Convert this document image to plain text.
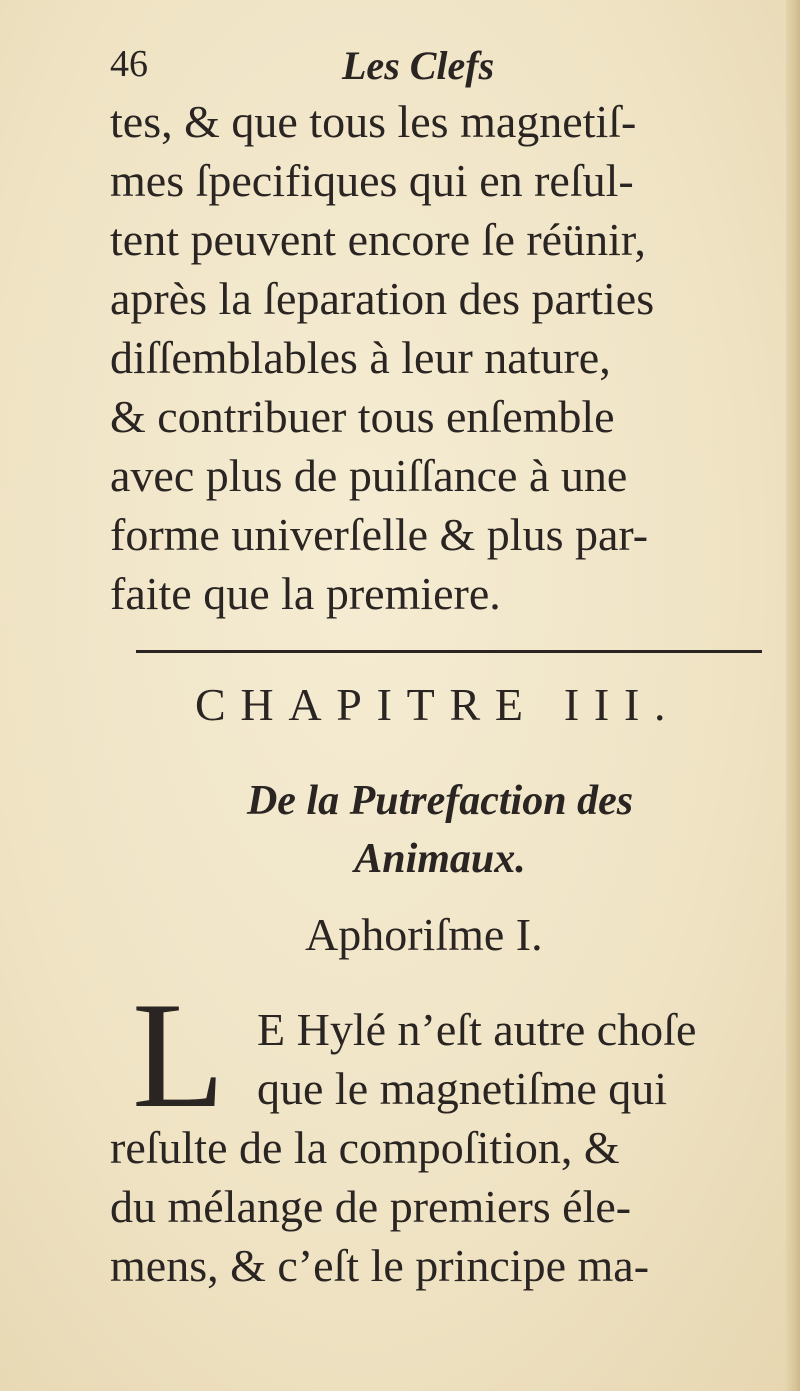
46	Les Clefs
tes, & que tous les magnetiſ-
mes ſpecifiques qui en reſul-
tent peuvent encore ſe réünir,
après la ſeparation des parties
diſſemblables à leur nature,
& contribuer tous enſemble
avec plus de puiſſance à une
forme univerſelle & plus par-
faite que la premiere.
CHAPITRE III.
De la Putrefaction des
Animaux.
Aphoriſme I.
L E Hylé n’eſt autre choſe
que le magnetiſme qui
reſulte de la compoſition, &
du mélange de premiers éle-
mens, & c’eſt le principe ma-
